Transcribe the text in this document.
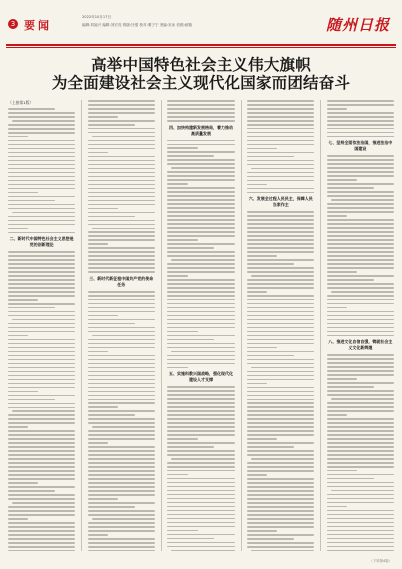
3 要闻
2022年10月17日
编辑:刘福兴 编辑:刘宏亮 排版:吕强 校对:秦宁宁 美编:宋冰 信箱:邮箱	随州日报
高举中国特色社会主义伟大旗帜
为全面建设社会主义现代化国家而团结奋斗
（上接第1版）
二、新时代中国特色社会主义思想是党的创新理论
三、新时代新征程中国共产党的使命任务
四、加快构建新发展格局，着力推动高质量发展
五、实施科教兴国战略，强化现代化建设人才支撑
六、发展全过程人民民主，保障人民当家作主
七、坚持全面依法治国，推进法治中国建设
八、推进文化自信自强，铸就社会主义文化新辉煌
（下转第4版）
